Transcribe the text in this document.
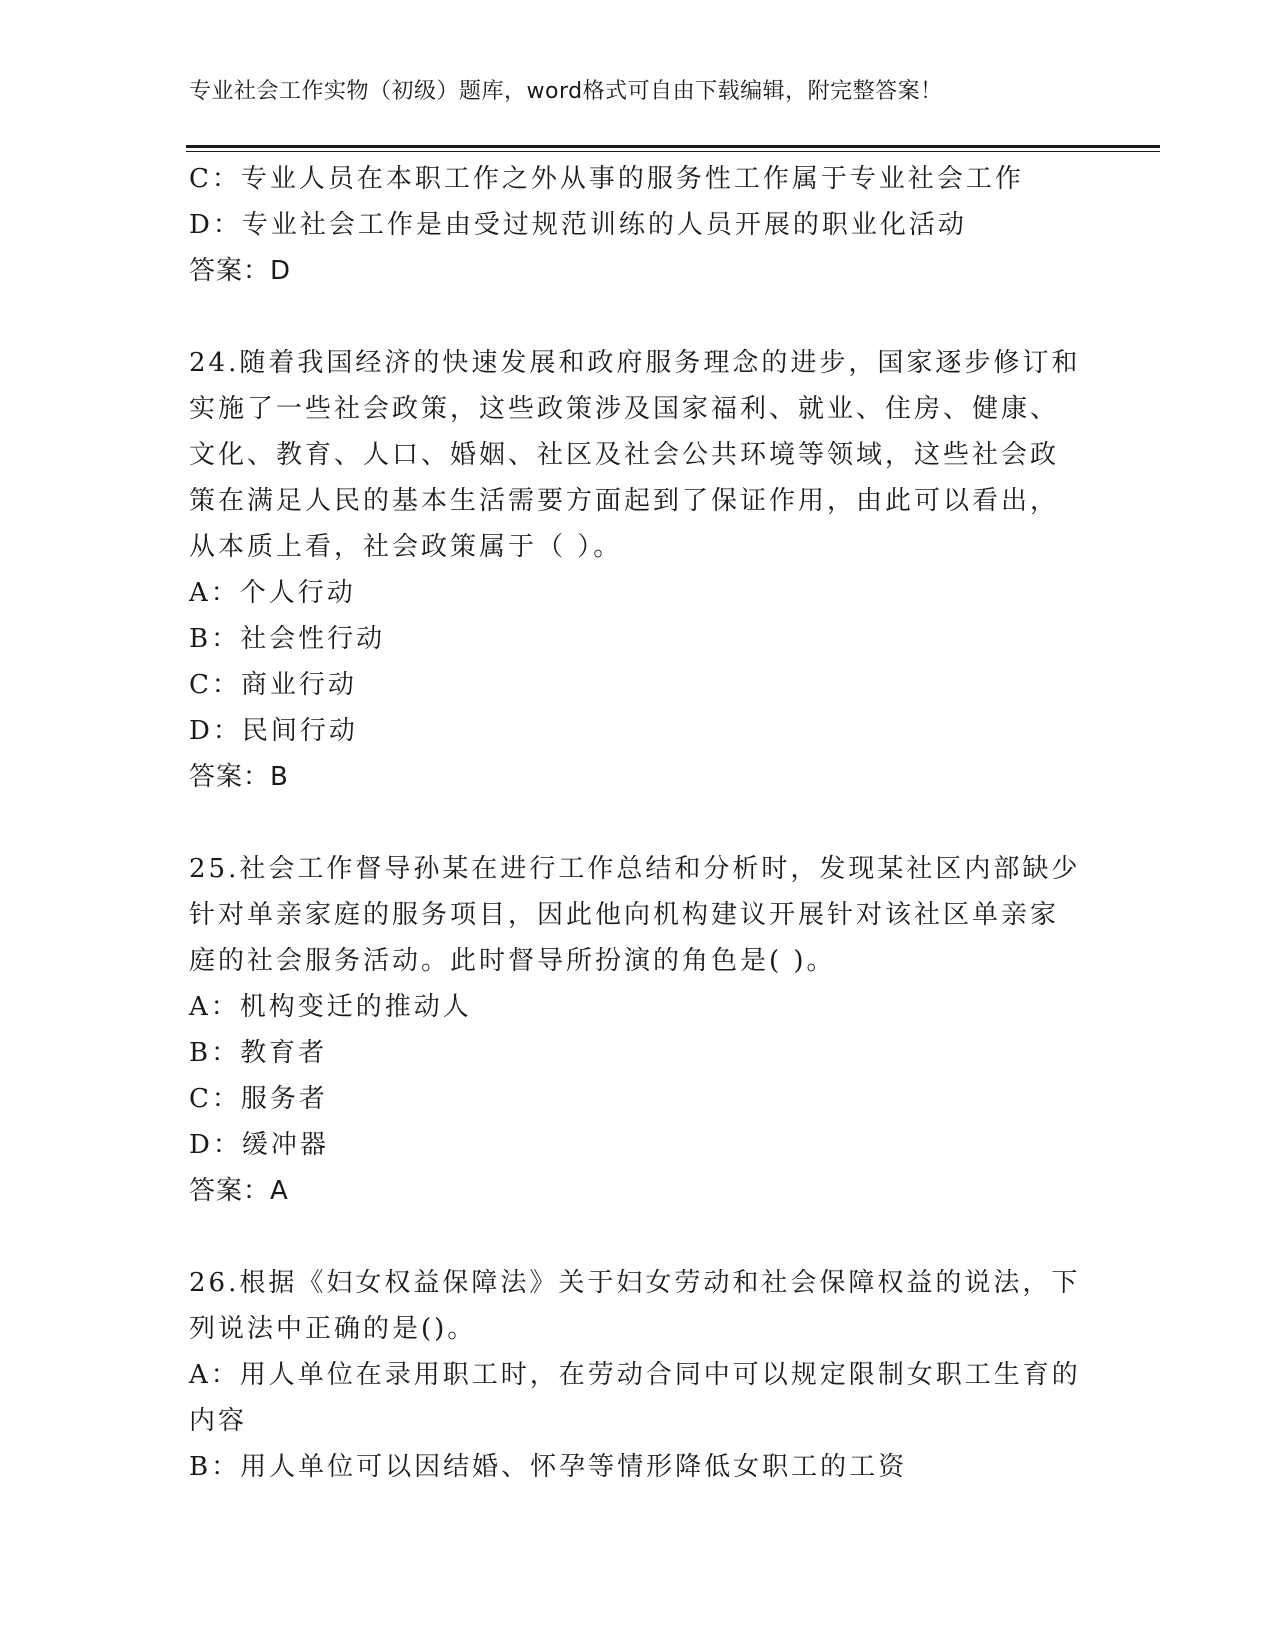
专业社会工作实物（初级）题库，word格式可自由下载编辑，附完整答案！
C：专业人员在本职工作之外从事的服务性工作属于专业社会工作
D：专业社会工作是由受过规范训练的人员开展的职业化活动
答案：D
24.随着我国经济的快速发展和政府服务理念的进步，国家逐步修订和
实施了一些社会政策，这些政策涉及国家福利、就业、住房、健康、
文化、教育、人口、婚姻、社区及社会公共环境等领域，这些社会政
策在满足人民的基本生活需要方面起到了保证作用，由此可以看出，
从本质上看，社会政策属于（ ）。
A：个人行动
B：社会性行动
C：商业行动
D：民间行动
答案：B
25.社会工作督导孙某在进行工作总结和分析时，发现某社区内部缺少
针对单亲家庭的服务项目，因此他向机构建议开展针对该社区单亲家
庭的社会服务活动。此时督导所扮演的角色是( )。
A：机构变迁的推动人
B：教育者
C：服务者
D：缓冲器
答案：A
26.根据《妇女权益保障法》关于妇女劳动和社会保障权益的说法，下
列说法中正确的是()。
A：用人单位在录用职工时，在劳动合同中可以规定限制女职工生育的
内容
B：用人单位可以因结婚、怀孕等情形降低女职工的工资
